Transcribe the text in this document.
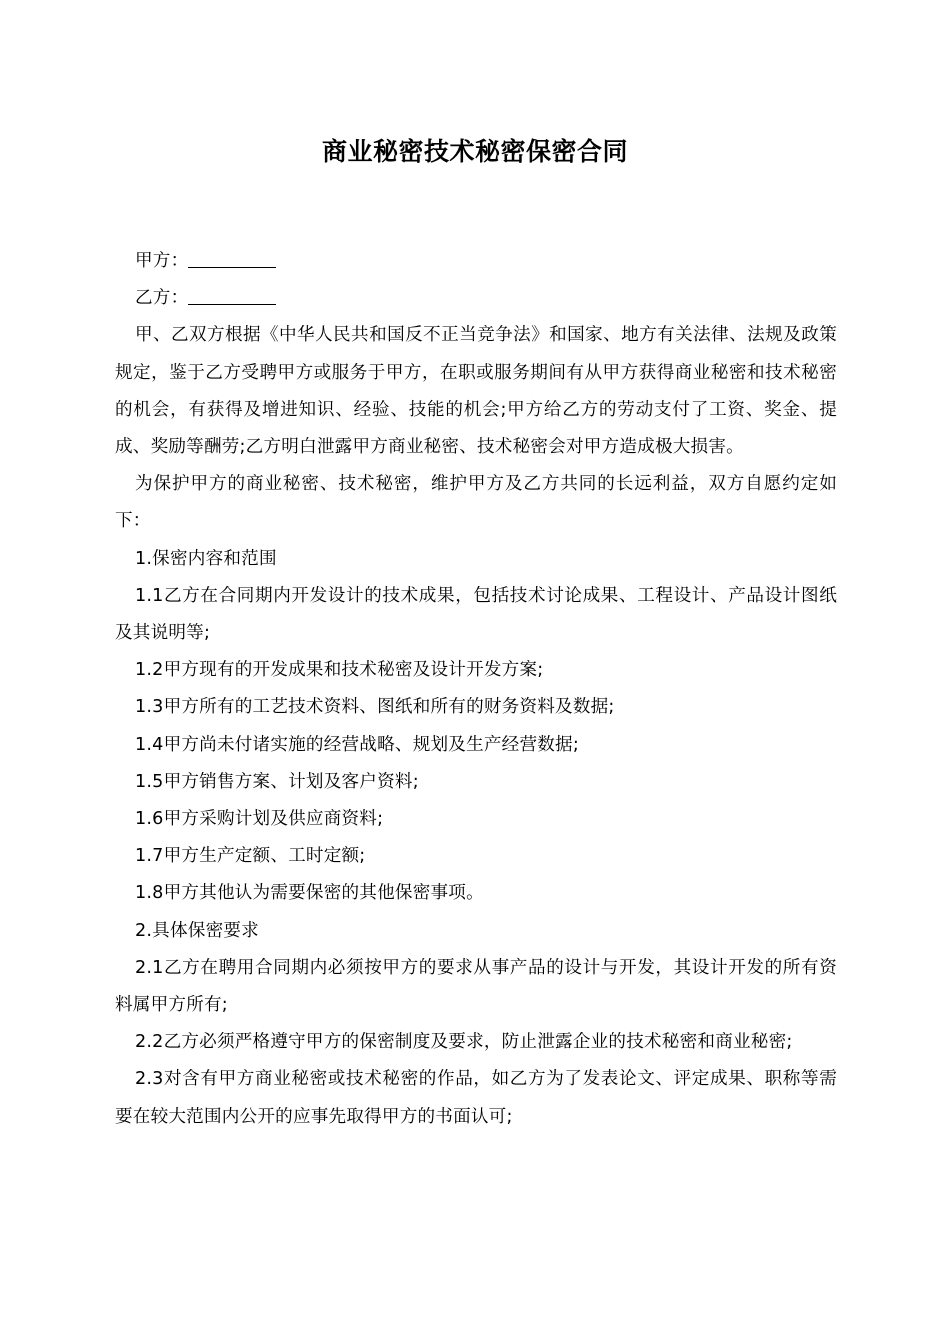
商业秘密技术秘密保密合同

甲方：

乙方：

甲、乙双方根据《中华人民共和国反不正当竞争法》和国家、地方有关法律、法规及政策规定，鉴于乙方受聘甲方或服务于甲方，在职或服务期间有从甲方获得商业秘密和技术秘密的机会，有获得及增进知识、经验、技能的机会;甲方给乙方的劳动支付了工资、奖金、提成、奖励等酬劳;乙方明白泄露甲方商业秘密、技术秘密会对甲方造成极大损害。

为保护甲方的商业秘密、技术秘密，维护甲方及乙方共同的长远利益，双方自愿约定如下：

1.保密内容和范围

1.1乙方在合同期内开发设计的技术成果，包括技术讨论成果、工程设计、产品设计图纸及其说明等;

1.2甲方现有的开发成果和技术秘密及设计开发方案;

1.3甲方所有的工艺技术资料、图纸和所有的财务资料及数据;

1.4甲方尚未付诸实施的经营战略、规划及生产经营数据;

1.5甲方销售方案、计划及客户资料;

1.6甲方采购计划及供应商资料;

1.7甲方生产定额、工时定额;

1.8甲方其他认为需要保密的其他保密事项。

2.具体保密要求

2.1乙方在聘用合同期内必须按甲方的要求从事产品的设计与开发，其设计开发的所有资料属甲方所有;

2.2乙方必须严格遵守甲方的保密制度及要求，防止泄露企业的技术秘密和商业秘密;

2.3对含有甲方商业秘密或技术秘密的作品，如乙方为了发表论文、评定成果、职称等需要在较大范围内公开的应事先取得甲方的书面认可;
